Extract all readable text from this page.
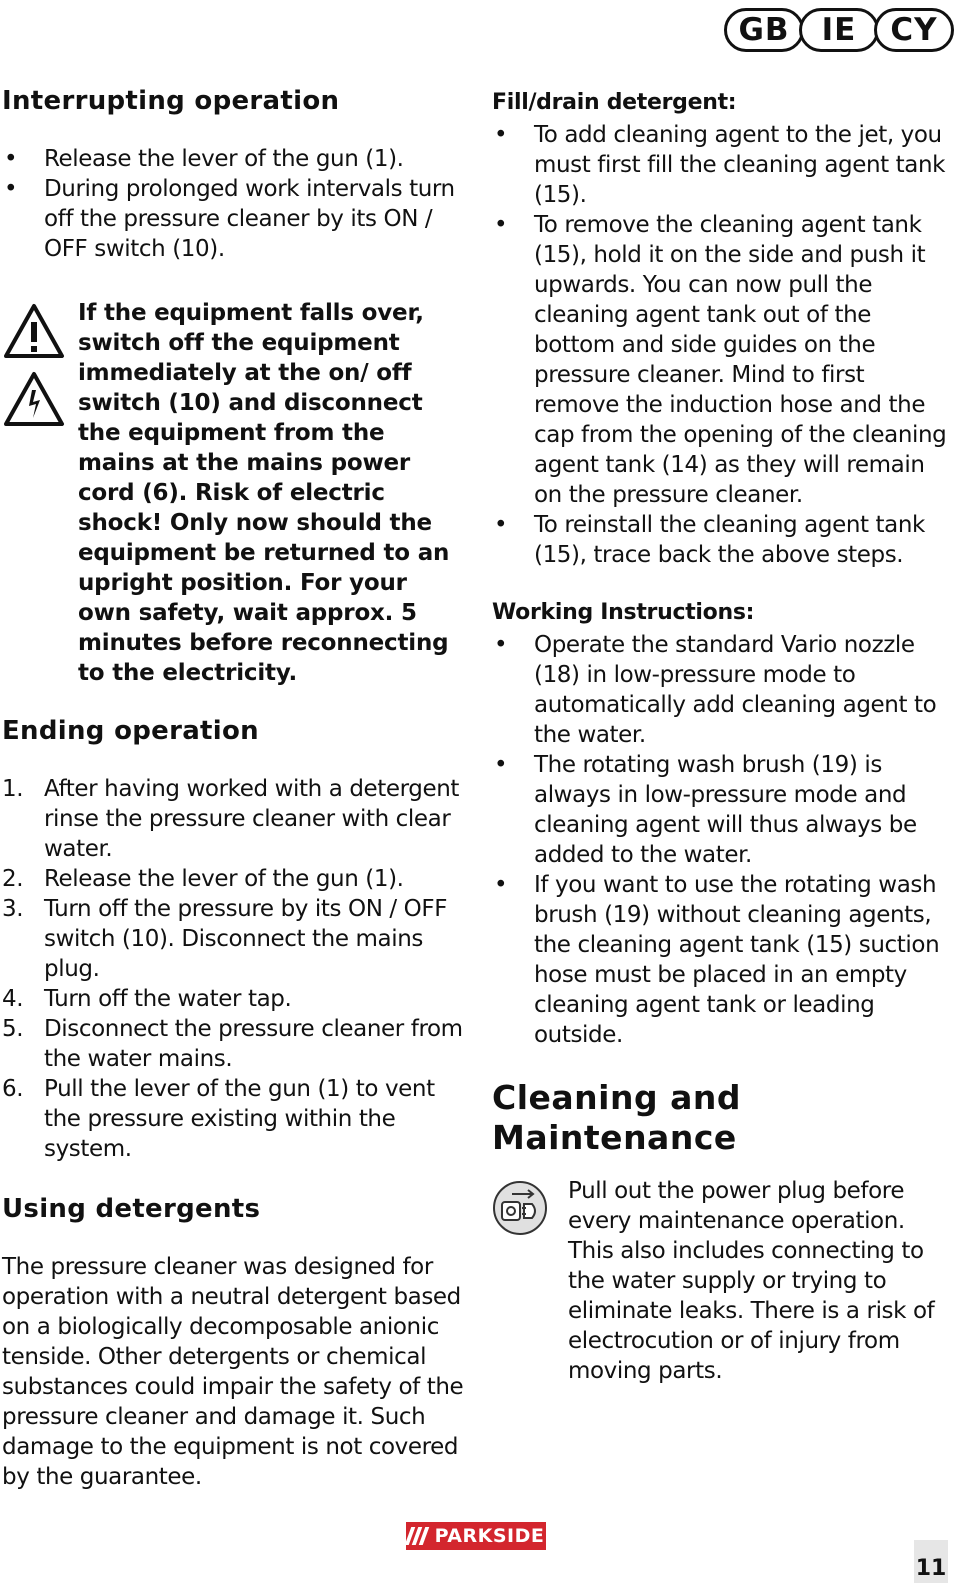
GB	IE	CY
Interrupting operation
• Release the lever of the gun (1).
• During prolonged work intervals turn off the pressure cleaner by its ON / OFF switch (10).

If the equipment falls over, switch off the equipment immediately at the on/ off switch (10) and disconnect the equipment from the mains at the mains power cord (6). Risk of electric shock! Only now should the equipment be returned to an upright position. For your own safety, wait approx. 5 minutes before reconnecting to the electricity.
Ending operation
1. After having worked with a detergent rinse the pressure cleaner with clear water.
2. Release the lever of the gun (1).
3. Turn off the pressure by its ON / OFF switch (10). Disconnect the mains plug.
4. Turn off the water tap.
5. Disconnect the pressure cleaner from the water mains.
6. Pull the lever of the gun (1) to vent the pressure existing within the system.
Using detergents
The pressure cleaner was designed for operation with a neutral detergent based on a biologically decomposable anionic tenside. Other detergents or chemical substances could impair the safety of the pressure cleaner and damage it. Such damage to the equipment is not covered by the guarantee.
Fill/drain detergent:
• To add cleaning agent to the jet, you must first fill the cleaning agent tank (15).
• To remove the cleaning agent tank (15), hold it on the side and push it upwards. You can now pull the cleaning agent tank out of the bottom and side guides on the pressure cleaner. Mind to first remove the induction hose and the cap from the opening of the cleaning agent tank (14) as they will remain on the pressure cleaner.
• To reinstall the cleaning agent tank (15), trace back the above steps.
Working Instructions:
• Operate the standard Vario nozzle (18) in low-pressure mode to automatically add cleaning agent to the water.
• The rotating wash brush (19) is always in low-pressure mode and cleaning agent will thus always be added to the water.
• If you want to use the rotating wash brush (19) without cleaning agents, the cleaning agent tank (15) suction hose must be placed in an empty cleaning agent tank or leading outside.
Cleaning and
Maintenance
Pull out the power plug before every maintenance operation. This also includes connecting to the water supply or trying to eliminate leaks. There is a risk of electrocution or of injury from moving parts.
PARKSIDE
11
